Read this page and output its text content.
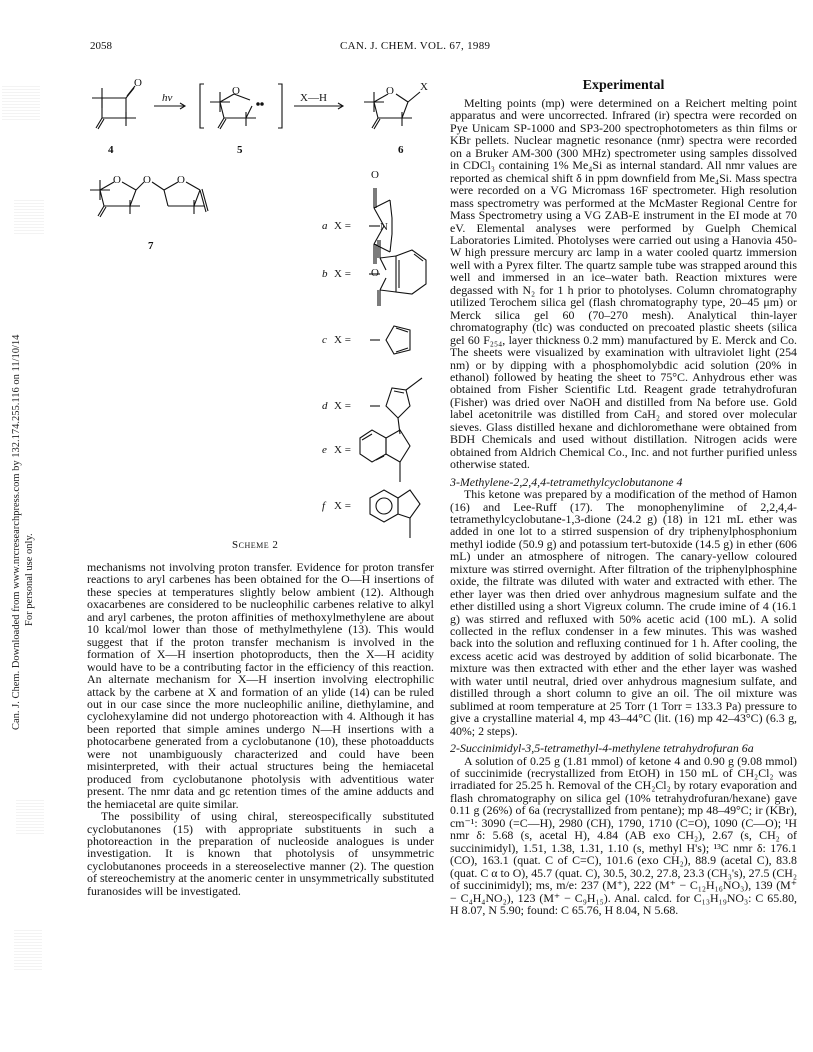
Can. J. Chem. Downloaded from www.nrcresearchpress.com by 132.174.255.116 on 11/10/14 For personal use only.
2058	CAN. J. CHEM. VOL. 67, 1989
O
O	O X
O O O	O
O
N
hν	X—H
4	5	6
7
a X =
b X =
c X =
d X =
e X =
f X =
Scheme 2

mechanisms not involving proton transfer. Evidence for proton transfer reactions to aryl carbenes has been obtained for the O—H insertions of these species at temperatures slightly below ambient (12). Although oxacarbenes are considered to be nucleophilic carbenes relative to alkyl and aryl carbenes, the proton affinities of methoxylmethylene are about 10 kcal/mol lower than those of methylmethylene (13). This would suggest that if the proton transfer mechanism is involved in the formation of X—H insertion photoproducts, then the X—H acidity would have to be a contributing factor in the efficiency of this reaction. An alternate mechanism for X—H insertion involving electrophilic attack by the carbene at X and formation of an ylide (14) can be ruled out in our case since the more nucleophilic aniline, diethylamine, and cyclohexylamine did not undergo photoreaction with 4. Although it has been reported that simple amines undergo N—H insertions with a photocarbene generated from a cyclobutanone (10), these photoadducts were not unambiguously characterized and could have been misinterpreted, with their actual structures being the hemiacetal produced from cyclobutanone photolysis with adventitious water present. The nmr data and gc retention times of the amine adducts and the hemiacetal are quite similar.

The possibility of using chiral, stereospecifically substituted cyclobutanones (15) with appropriate substituents in such a photoreaction in the preparation of nucleoside analogues is under investigation. It is known that photolysis of unsymmetric cyclobutanones proceeds in a stereoselective manner (2). The question of stereochemistry at the anomeric center in unsymmetrically substituted furanosides will be investigated.

Experimental

Melting points (mp) were determined on a Reichert melting point apparatus and were uncorrected. Infrared (ir) spectra were recorded on Pye Unicam SP-1000 and SP3-200 spectrophotometers as thin films or KBr pellets. Nuclear magnetic resonance (nmr) spectra were recorded on a Bruker AM-300 (300 MHz) spectrometer using samples dissolved in CDCl₃ containing 1% Me₄Si as internal standard. All nmr values are reported as chemical shift δ in ppm downfield from Me₄Si. Mass spectra were recorded on a VG Micromass 16F spectrometer. High resolution mass spectrometry was performed at the McMaster Regional Centre for Mass Spectrometry using a VG ZAB-E instrument in the EI mode at 70 eV. Elemental analyses were performed by Guelph Chemical Laboratories Limited. Photolyses were carried out using a Hanovia 450-W high pressure mercury arc lamp in a water cooled quartz immersion well with a Pyrex filter. The quartz sample tube was strapped around this well and immersed in an ice–water bath. Reaction mixtures were degassed with N₂ for 1 h prior to photolyses. Column chromatography utilized Terochem silica gel (flash chromatography type, 20–45 μm) or Merck silica gel 60 (70–270 mesh). Analytical thin-layer chromatography (tlc) was conducted on precoated plastic sheets (silica gel 60 F₂₅₄, layer thickness 0.2 mm) manufactured by E. Merck and Co. The sheets were visualized by examination with ultraviolet light (254 nm) or by dipping with a phosphomolybdic acid solution (20% in ethanol) followed by heating the sheet to 75°C. Anhydrous ether was obtained from Fisher Scientific Ltd. Reagent grade tetrahydrofuran (Fisher) was dried over NaOH and distilled from Na before use. Gold label acetonitrile was distilled from CaH₂ and stored over molecular sieves. Glass distilled hexane and dichloromethane were obtained from BDH Chemicals and used without distillation. Nitrogen acids were obtained from Aldrich Chemical Co., Inc. and not further purified unless otherwise stated.

3-Methylene-2,2,4,4-tetramethylcyclobutanone 4

This ketone was prepared by a modification of the method of Hamon (16) and Lee-Ruff (17). The monophenylimine of 2,2,4,4-tetramethylcyclobutane-1,3-dione (24.2 g) (18) in 121 mL ether was added in one lot to a stirred suspension of dry triphenylphosphonium methyl iodide (50.9 g) and potassium tert-butoxide (14.5 g) in ether (606 mL) under an atmosphere of nitrogen. The canary-yellow coloured mixture was stirred overnight. After filtration of the triphenylphosphine oxide, the filtrate was diluted with water and extracted with ether. The ether layer was then dried over anhydrous magnesium sulfate and the ether distilled using a short Vigreux column. The crude imine of 4 (16.1 g) was stirred and refluxed with 50% acetic acid (100 mL). A solid collected in the reflux condenser in a few minutes. This was washed back into the solution and refluxing continued for 1 h. After cooling, the excess acetic acid was destroyed by addition of solid bicarbonate. The mixture was then extracted with ether and the ether layer was washed with water until neutral, dried over anhydrous magnesium sulfate, and distilled through a short column to give an oil. The oil mixture was sublimed at room temperature at 25 Torr (1 Torr = 133.3 Pa) pressure to give a crystalline material 4, mp 43–44°C (lit. (16) mp 42–43°C) (6.3 g, 40%; 2 steps).

2-Succinimidyl-3,5-tetramethyl-4-methylene tetrahydrofuran 6a

A solution of 0.25 g (1.81 mmol) of ketone 4 and 0.90 g (9.08 mmol) of succinimide (recrystallized from EtOH) in 150 mL of CH₂Cl₂ was irradiated for 25.25 h. Removal of the CH₂Cl₂ by rotary evaporation and flash chromatography on silica gel (10% tetrahydrofuran/hexane) gave 0.11 g (26%) of 6a (recrystallized from pentane); mp 48–49°C; ir (KBr), cm⁻¹: 3090 (=C—H), 2980 (CH), 1790, 1710 (C=O), 1090 (C—O); ¹H nmr δ: 5.68 (s, acetal H), 4.84 (AB exo CH₂), 2.67 (s, CH₂ of succinimidyl), 1.51, 1.38, 1.31, 1.10 (s, methyl H's); ¹³C nmr δ: 176.1 (CO), 163.1 (quat. C of C=C), 101.6 (exo CH₂), 88.9 (acetal C), 83.8 (quat. C α to O), 45.7 (quat. C), 30.5, 30.2, 27.8, 23.3 (CH₃'s), 27.5 (CH₂ of succinimidyl); ms, m/e: 237 (M⁺), 222 (M⁺ − C₁₂H₁₆NO₃), 139 (M⁺ − C₄H₄NO₂), 123 (M⁺ − C₉H₁₅). Anal. calcd. for C₁₃H₁₉NO₃: C 65.80, H 8.07, N 5.90; found: C 65.76, H 8.04, N 5.68.
